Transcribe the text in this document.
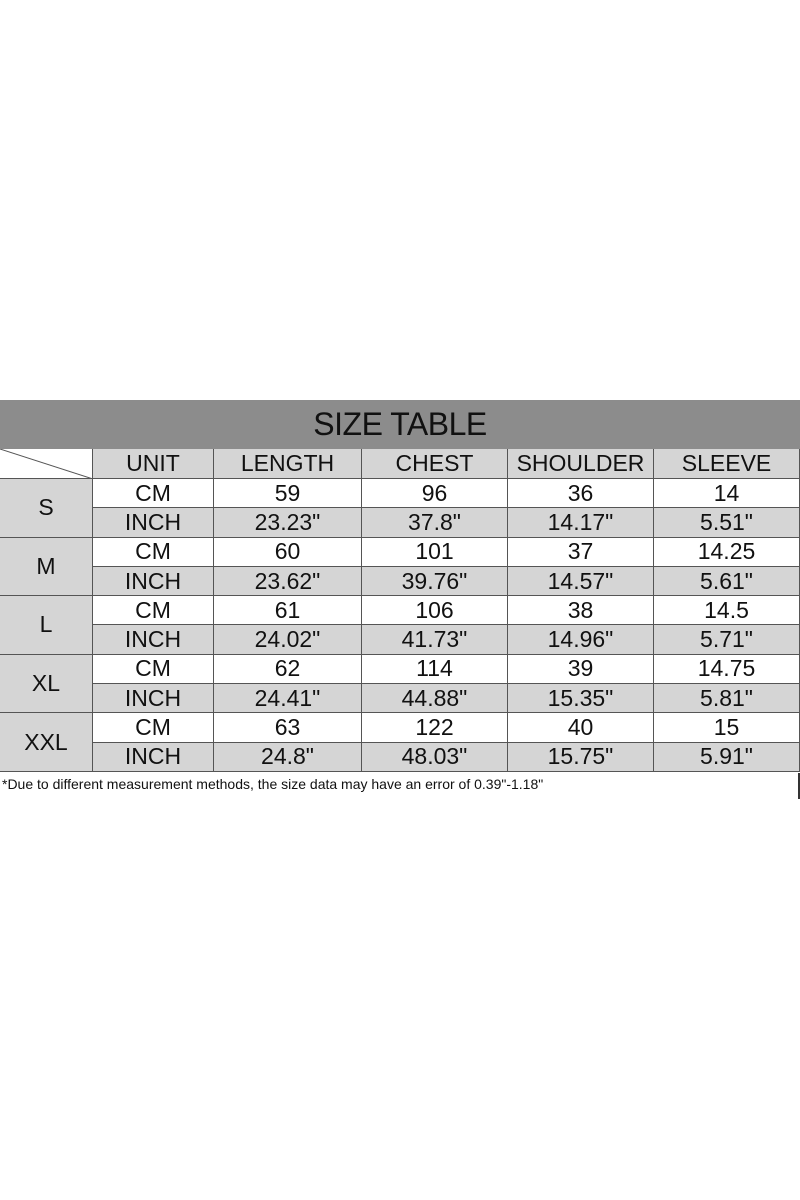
SIZE TABLE
UNIT	LENGTH	CHEST	SHOULDER	SLEEVE
S
CM	59	96	36	14
INCH	23.23"	37.8"	14.17"	5.51"
M
CM	60	101	37	14.25
INCH	23.62"	39.76"	14.57"	5.61"
L
CM	61	106	38	14.5
INCH	24.02"	41.73"	14.96"	5.71"
XL
CM	62	114	39	14.75
INCH	24.41"	44.88"	15.35"	5.81"
XXL
CM	63	122	40	15
INCH	24.8"	48.03"	15.75"	5.91"
*Due to different measurement methods, the size data may have an error of 0.39"-1.18"
